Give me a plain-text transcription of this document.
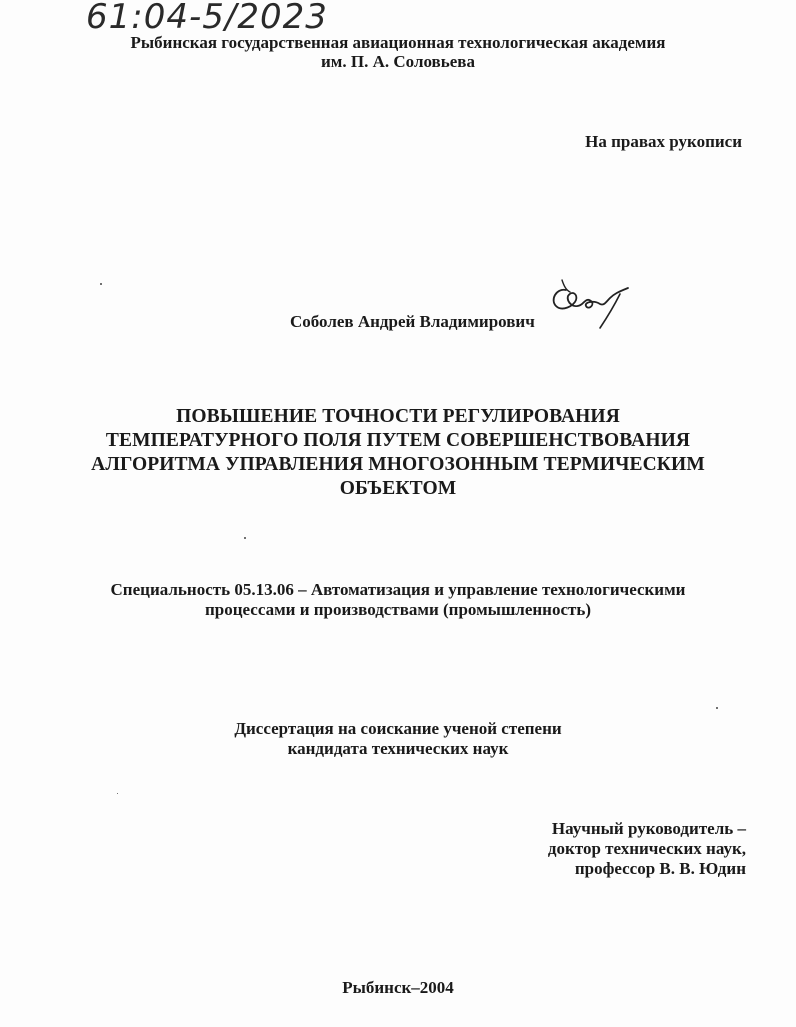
61:04-5/2023
Рыбинская государственная авиационная технологическая академия
им. П. А. Соловьева
На правах рукописи
Соболев Андрей Владимирович
ПОВЫШЕНИЕ ТОЧНОСТИ РЕГУЛИРОВАНИЯ
ТЕМПЕРАТУРНОГО ПОЛЯ ПУТЕМ СОВЕРШЕНСТВОВАНИЯ
АЛГОРИТМА УПРАВЛЕНИЯ МНОГОЗОННЫМ ТЕРМИЧЕСКИМ
ОБЪЕКТОМ
Специальность 05.13.06 – Автоматизация и управление технологическими
процессами и производствами (промышленность)
Диссертация на соискание ученой степени
кандидата технических наук
Научный руководитель –
доктор технических наук,
профессор В. В. Юдин
Рыбинск–2004
